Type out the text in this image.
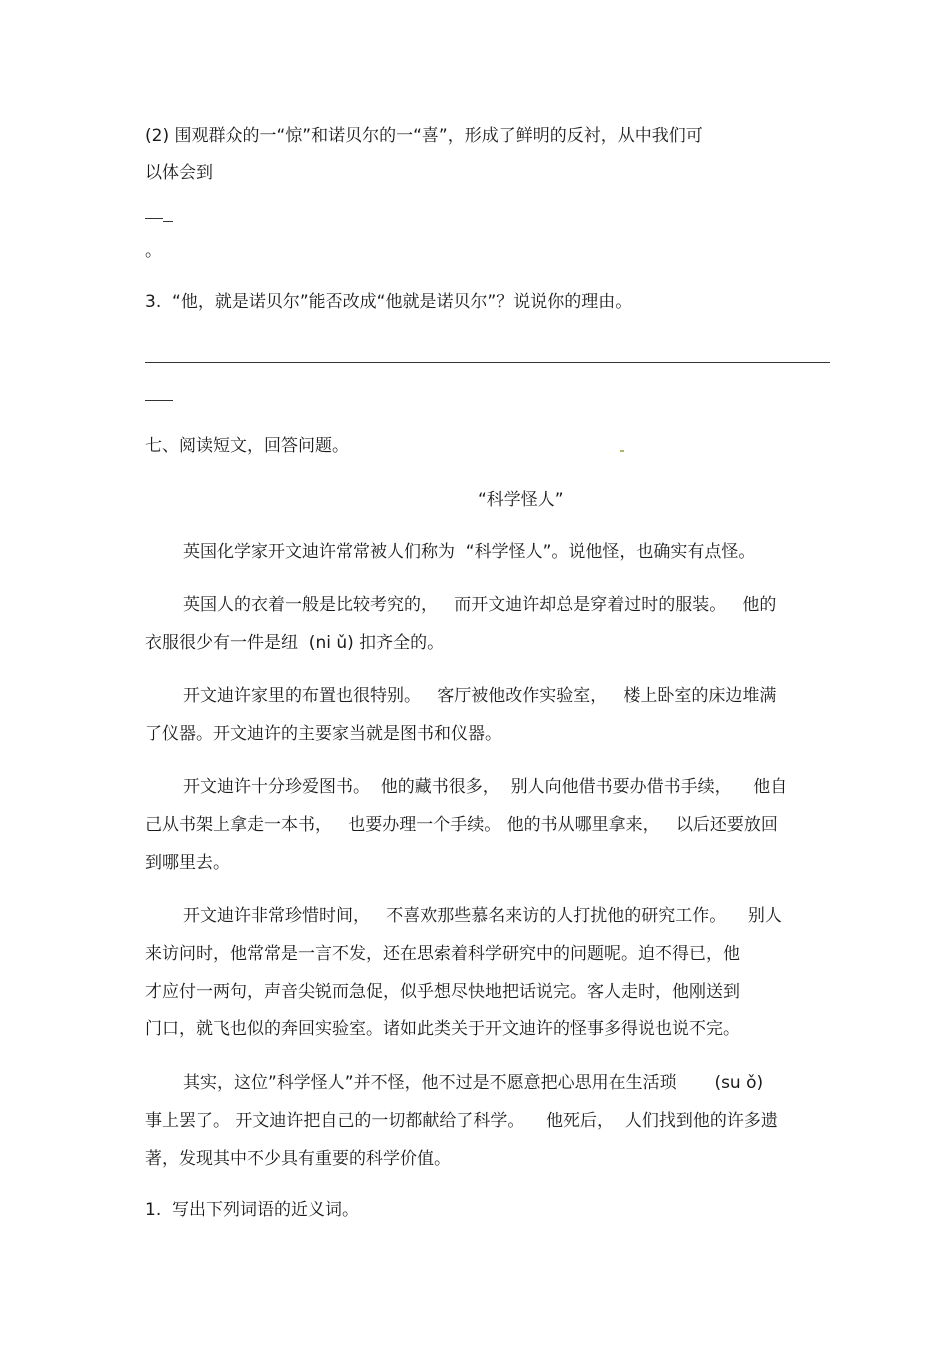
(2) 围观群众的一“惊”和诺贝尔的一“喜”，形成了鲜明的反衬，从中我们可
以体会到
。
3.  “他，就是诺贝尔”能否改成“他就是诺贝尔”？说说你的理由。
七、阅读短文，回答问题。
“科学怪人”
英国化学家开文迪许常常被人们称为  “科学怪人”。说他怪，也确实有点怪。
英国人的衣着一般是比较考究的，   而开文迪许却总是穿着过时的服装。   他的
衣服很少有一件是纽  (ni ǔ) 扣齐全的。
开文迪许家里的布置也很特别。   客厅被他改作实验室，   楼上卧室的床边堆满
了仪器。开文迪许的主要家当就是图书和仪器。
开文迪许十分珍爱图书。  他的藏书很多，  别人向他借书要办借书手续，    他自
己从书架上拿走一本书，   也要办理一个手续。 他的书从哪里拿来，   以后还要放回
到哪里去。
开文迪许非常珍惜时间，   不喜欢那些慕名来访的人打扰他的研究工作。    别人
来访问时，他常常是一言不发，还在思索着科学研究中的问题呢。迫不得已，他
才应付一两句，声音尖锐而急促，似乎想尽快地把话说完。客人走时，他刚送到
门口，就飞也似的奔回实验室。诸如此类关于开文迪许的怪事多得说也说不完。
其实，这位”科学怪人”并不怪，他不过是不愿意把心思用在生活琐       (su ǒ)
事上罢了。 开文迪许把自己的一切都献给了科学。    他死后，  人们找到他的许多遗
著，发现其中不少具有重要的科学价值。
1.  写出下列词语的近义词。
